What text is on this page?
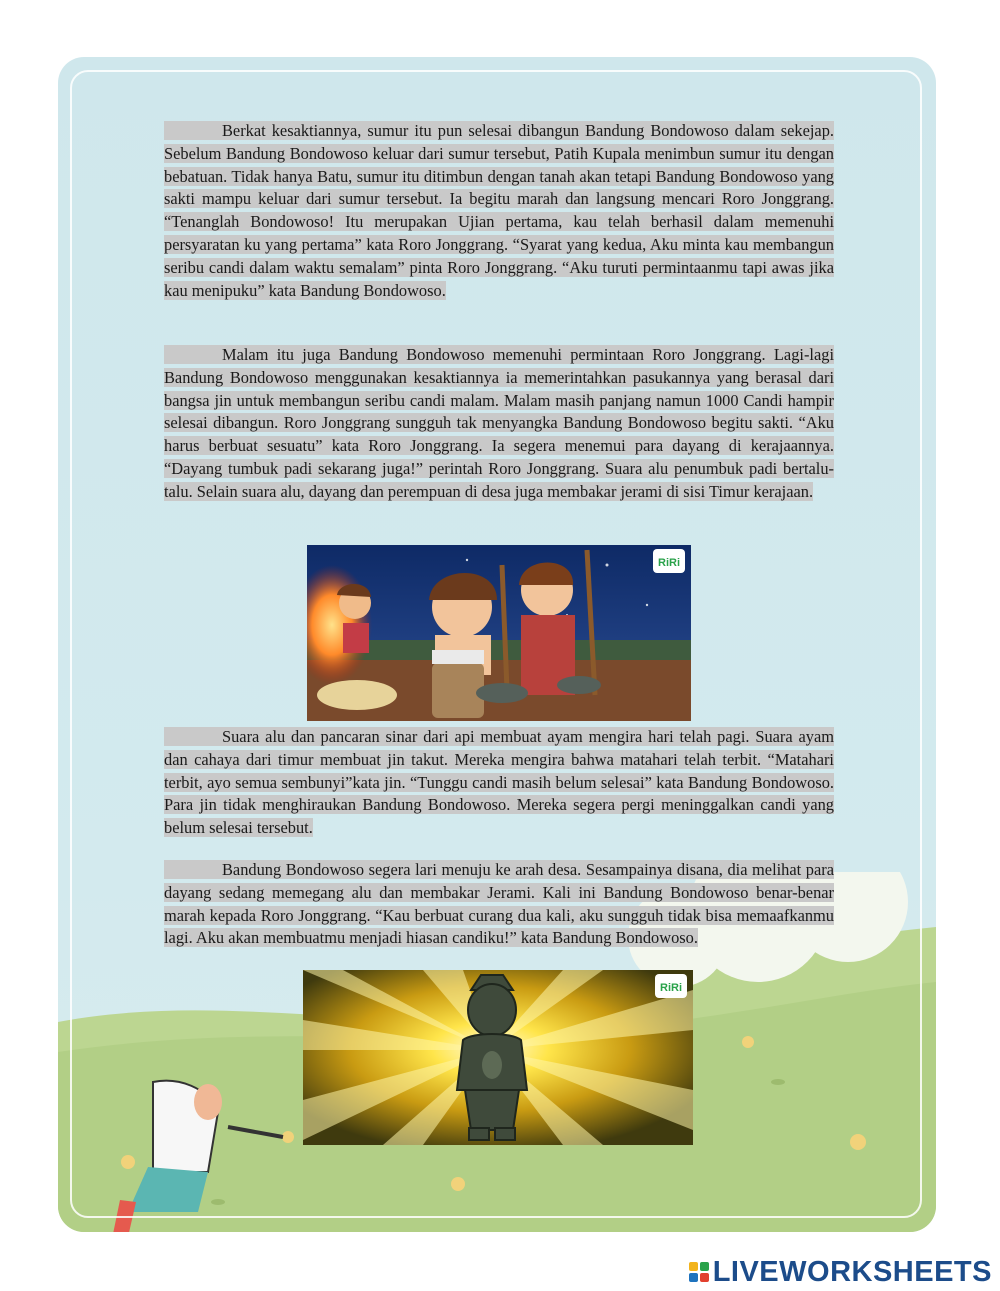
Berkat kesaktiannya, sumur itu pun selesai dibangun Bandung Bondowoso dalam sekejap. Sebelum Bandung Bondowoso keluar dari sumur tersebut, Patih Kupala menimbun sumur itu dengan bebatuan. Tidak hanya Batu, sumur itu ditimbun dengan tanah akan tetapi Bandung Bondowoso yang sakti mampu keluar dari sumur tersebut. Ia begitu marah dan langsung mencari Roro Jonggrang. “Tenanglah Bondowoso! Itu merupakan Ujian pertama, kau telah berhasil dalam memenuhi persyaratan ku yang pertama” kata Roro Jonggrang. “Syarat yang kedua, Aku minta kau membangun seribu candi dalam waktu semalam” pinta Roro Jonggrang. “Aku turuti permintaanmu tapi awas jika kau menipuku” kata Bandung Bondowoso.
Malam itu juga Bandung Bondowoso memenuhi permintaan Roro Jonggrang. Lagi-lagi Bandung Bondowoso menggunakan kesaktiannya ia memerintahkan pasukannya yang berasal dari bangsa jin untuk membangun seribu candi malam. Malam masih panjang namun 1000 Candi hampir selesai dibangun. Roro Jonggrang sungguh tak menyangka Bandung Bondowoso begitu sakti. “Aku harus berbuat sesuatu” kata Roro Jonggrang. Ia segera menemui para dayang di kerajaannya. “Dayang tumbuk padi sekarang juga!” perintah Roro Jonggrang. Suara alu penumbuk padi bertalu-talu. Selain suara alu, dayang dan perempuan di desa juga membakar jerami di sisi Timur kerajaan.
RiRi
Suara alu dan pancaran sinar dari api membuat ayam mengira hari telah pagi. Suara ayam dan cahaya dari timur membuat jin takut. Mereka mengira bahwa matahari telah terbit. “Matahari terbit, ayo semua sembunyi”kata jin. “Tunggu candi masih belum selesai” kata Bandung Bondowoso. Para jin tidak menghiraukan Bandung Bondowoso. Mereka segera pergi meninggalkan candi yang belum selesai tersebut.
Bandung Bondowoso segera lari menuju ke arah desa. Sesampainya disana, dia melihat para dayang sedang memegang alu dan membakar Jerami. Kali ini Bandung Bondowoso benar-benar marah kepada Roro Jonggrang. “Kau berbuat curang dua kali, aku sungguh tidak bisa memaafkanmu lagi. Aku akan membuatmu menjadi hiasan candiku!” kata Bandung Bondowoso.
RiRi
LIVEWORKSHEETS
